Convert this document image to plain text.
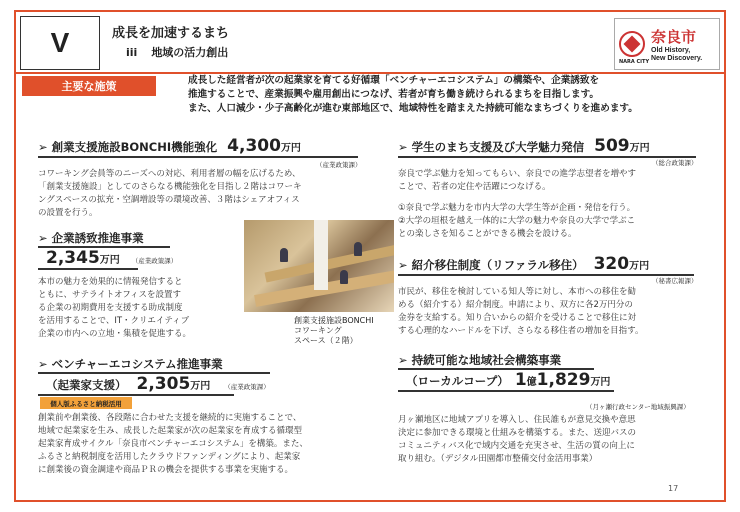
V	成長を加速するまち
iii 地域の活力創出
奈良市
Old History,
New Discovery.
NARA CITY
主要な施策	成長した経営者が次の起業家を育てる好循環「ベンチャーエコシステム」の構築や、企業誘致を
推進することで、産業振興や雇用創出につなげ、若者が育ち働き続けられるまちを目指します。
また、人口減少・少子高齢化が進む東部地区で、地域特性を踏まえた持続可能なまちづくりを進めます。
➢ 創業支援施設BONCHI機能強化 4,300万円
（産業政策課）
コワーキング会員等のニーズへの対応、利用者層の幅を広げるため、
「創業支援施設」としてのさらなる機能強化を目指し２階はコワーキ
ングスペースの拡充・空調増設等の環境改善、３階はシェアオフィス
の設置を行う。
➢ 企業誘致推進事業
2,345万円 （産業政策課）
本市の魅力を効果的に情報発信すると
ともに、サテライトオフィスを設置す
る企業の初期費用を支援する助成制度
を活用することで、IT・クリエイティブ
企業の市内への立地・集積を促進する。
創業支援施設BONCHI
コワーキング
スペース（２階）
➢ ベンチャーエコシステム推進事業
（起業家支援） 2,305万円 （産業政策課）
個人版ふるさと納税活用
創業前や創業後、各段階に合わせた支援を継続的に実施することで、
地域で起業家を生み、成長した起業家が次の起業家を育成する循環型
起業家育成サイクル「奈良市ベンチャーエコシステム」を構築。また、
ふるさと納税制度を活用したクラウドファンディングにより、起業家
に創業後の資金調達や商品ＰＲの機会を提供する事業を実施する。
➢ 学生のまち支援及び大学魅力発信 509万円
（総合政策課）
奈良で学ぶ魅力を知ってもらい、奈良での進学志望者を増やす
ことで、若者の定住や活躍につなげる。
①奈良で学ぶ魅力を市内大学の大学生等が企画・発信を行う。
②大学の垣根を越え一体的に大学の魅力や奈良の大学で学ぶこ
との楽しさを知ることができる機会を設ける。
➢ 紹介移住制度（リファラル移住） 320万円
（秘書広報課）
市民が、移住を検討している知人等に対し、本市への移住を勧
める（紹介する）紹介制度。申請により、双方に各2万円分の
金券を支給する。知り合いからの紹介を受けることで移住に対
する心理的なハードルを下げ、さらなる移住者の増加を目指す。
➢ 持続可能な地域社会構築事業
（ローカルコープ） 1億1,829万円
（月ヶ瀬行政センター地域振興課）
月ヶ瀬地区に地域アプリを導入し、住民誰もが意見交換や意思
決定に参加できる環境と仕組みを構築する。また、送迎バスの
コミュニティバス化で域内交通を充実させ、生活の質の向上に
取り組む。（デジタル田園都市整備交付金活用事業）
17
